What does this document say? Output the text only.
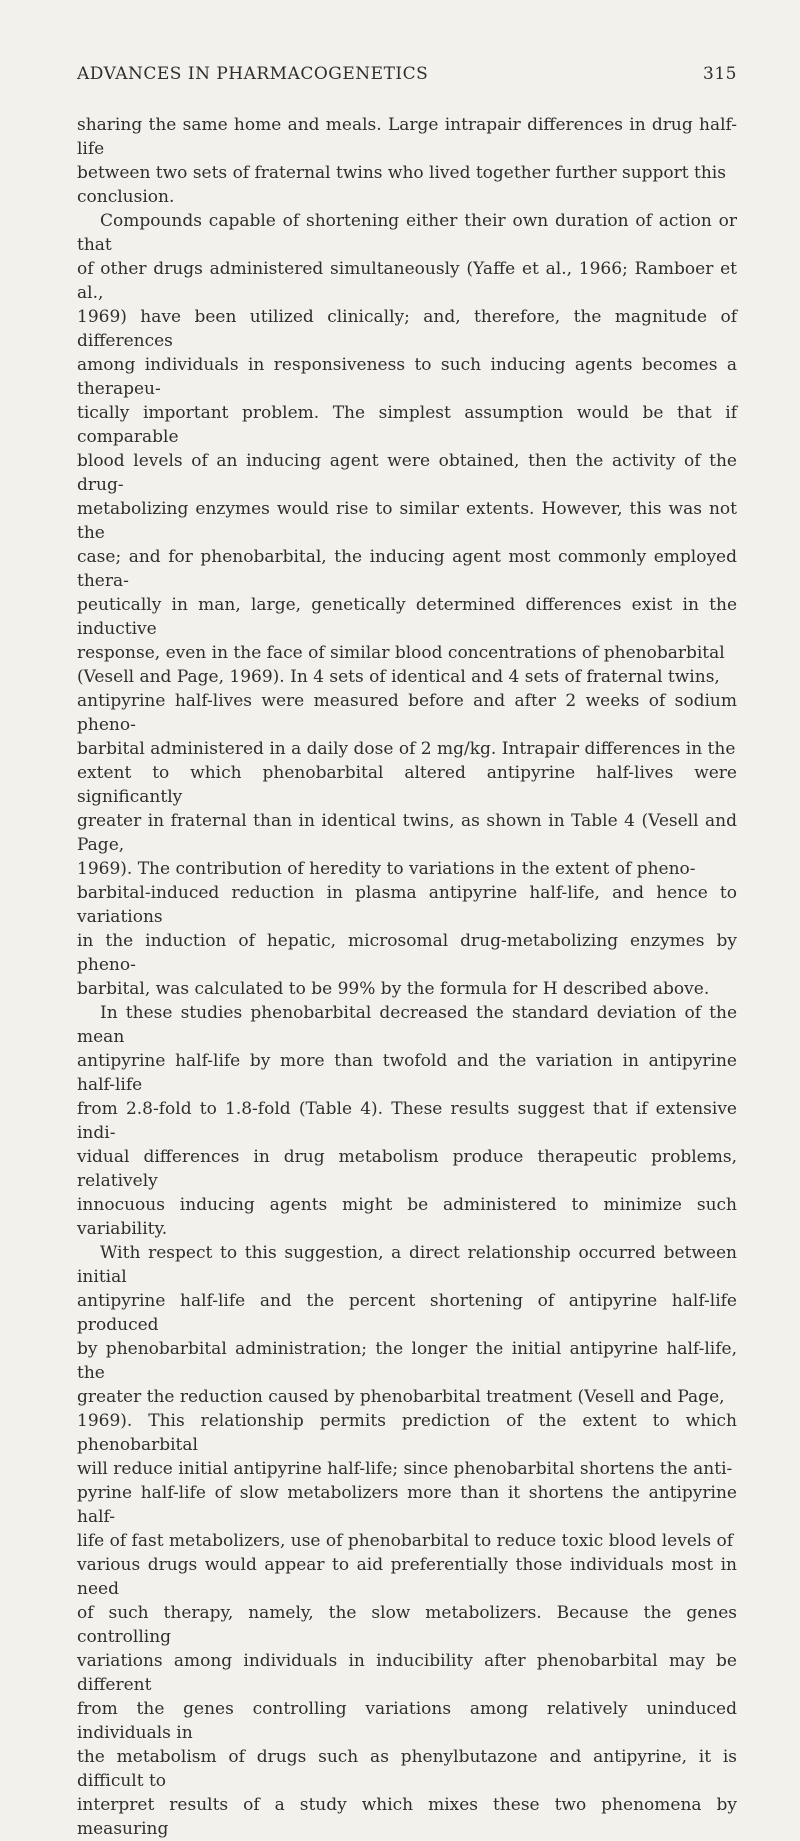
ADVANCES IN PHARMACOGENETICS	315

sharing the same home and meals. Large intrapair differences in drug half-life
between two sets of fraternal twins who lived together further support this
conclusion.

Compounds capable of shortening either their own duration of action or that
of other drugs administered simultaneously (Yaffe et al., 1966; Ramboer et al.,
1969) have been utilized clinically; and, therefore, the magnitude of differences
among individuals in responsiveness to such inducing agents becomes a therapeu-
tically important problem. The simplest assumption would be that if comparable
blood levels of an inducing agent were obtained, then the activity of the drug-
metabolizing enzymes would rise to similar extents. However, this was not the
case; and for phenobarbital, the inducing agent most commonly employed thera-
peutically in man, large, genetically determined differences exist in the inductive
response, even in the face of similar blood concentrations of phenobarbital
(Vesell and Page, 1969). In 4 sets of identical and 4 sets of fraternal twins,
antipyrine half-lives were measured before and after 2 weeks of sodium pheno-
barbital administered in a daily dose of 2 mg/kg. Intrapair differences in the
extent to which phenobarbital altered antipyrine half-lives were significantly
greater in fraternal than in identical twins, as shown in Table 4 (Vesell and Page,
1969). The contribution of heredity to variations in the extent of pheno-
barbital-induced reduction in plasma antipyrine half-life, and hence to variations
in the induction of hepatic, microsomal drug-metabolizing enzymes by pheno-
barbital, was calculated to be 99% by the formula for H described above.

In these studies phenobarbital decreased the standard deviation of the mean
antipyrine half-life by more than twofold and the variation in antipyrine half-life
from 2.8-fold to 1.8-fold (Table 4). These results suggest that if extensive indi-
vidual differences in drug metabolism produce therapeutic problems, relatively
innocuous inducing agents might be administered to minimize such variability.

With respect to this suggestion, a direct relationship occurred between initial
antipyrine half-life and the percent shortening of antipyrine half-life produced
by phenobarbital administration; the longer the initial antipyrine half-life, the
greater the reduction caused by phenobarbital treatment (Vesell and Page,
1969). This relationship permits prediction of the extent to which phenobarbital
will reduce initial antipyrine half-life; since phenobarbital shortens the anti-
pyrine half-life of slow metabolizers more than it shortens the antipyrine half-
life of fast metabolizers, use of phenobarbital to reduce toxic blood levels of
various drugs would appear to aid preferentially those individuals most in need
of such therapy, namely, the slow metabolizers. Because the genes controlling
variations among individuals in inducibility after phenobarbital may be different
from the genes controlling variations among relatively uninduced individuals in
the metabolism of drugs such as phenylbutazone and antipyrine, it is difficult to
interpret results of a study which mixes these two phenomena by measuring
